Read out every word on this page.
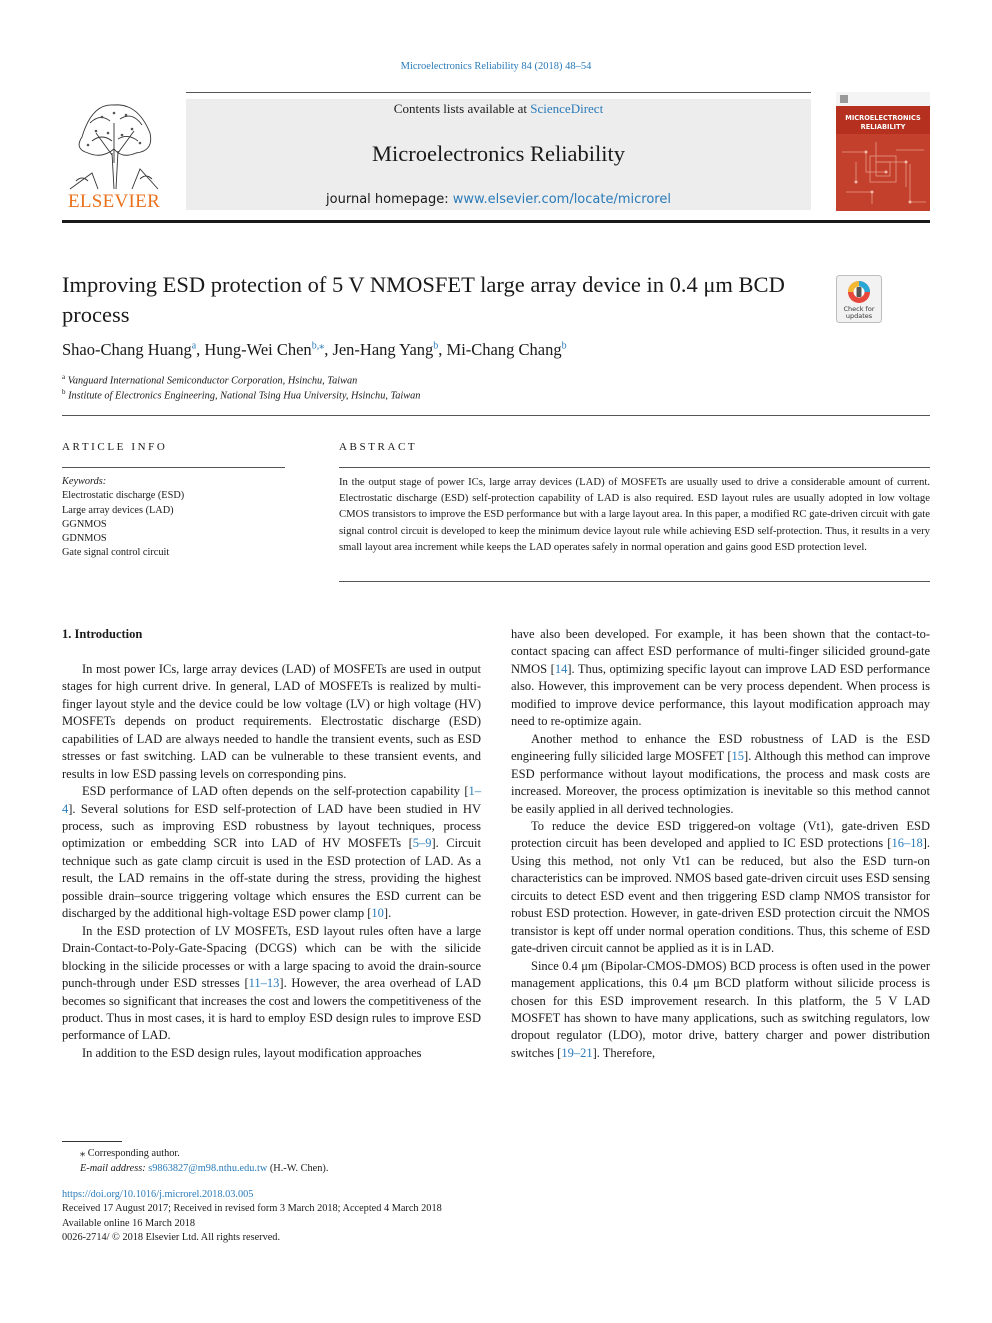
Microelectronics Reliability 84 (2018) 48–54
ELSEVIER
Contents lists available at ScienceDirect
Microelectronics Reliability
journal homepage: www.elsevier.com/locate/microrel
MICROELECTRONICS
RELIABILITY
Improving ESD protection of 5 V NMOSFET large array device in 0.4 μm BCD process	Check for
updates
Shao-Chang Huang$^a$, Hung-Wei Chen$^{b,⁎}$, Jen-Hang Yang$^b$, Mi-Chang Chang$^b$
$^a$ Vanguard International Semiconductor Corporation, Hsinchu, Taiwan
$^b$ Institute of Electronics Engineering, National Tsing Hua University, Hsinchu, Taiwan
ARTICLE INFO	ABSTRACT
Keywords:
Electrostatic discharge (ESD)
Large array devices (LAD)
GGNMOS
GDNMOS
Gate signal control circuit
In the output stage of power ICs, large array devices (LAD) of MOSFETs are usually used to drive a considerable amount of current. Electrostatic discharge (ESD) self-protection capability of LAD is also required. ESD layout rules are usually adopted in low voltage CMOS transistors to improve the ESD performance but with a large layout area. In this paper, a modified RC gate-driven circuit with gate signal control circuit is developed to keep the minimum device layout rule while achieving ESD self-protection. Thus, it results in a very small layout area increment while keeps the LAD operates safely in normal operation and gains good ESD protection level.

1. Introduction

In most power ICs, large array devices (LAD) of MOSFETs are used in output stages for high current drive. In general, LAD of MOSFETs is realized by multi-finger layout style and the device could be low voltage (LV) or high voltage (HV) MOSFETs depends on product requirements. Electrostatic discharge (ESD) capabilities of LAD are always needed to handle the transient events, such as ESD stresses or fast switching. LAD can be vulnerable to these transient events, and results in low ESD passing levels on corresponding pins.

ESD performance of LAD often depends on the self-protection capability [1–4]. Several solutions for ESD self-protection of LAD have been studied in HV process, such as improving ESD robustness by layout techniques, process optimization or embedding SCR into LAD of HV MOSFETs [5–9]. Circuit technique such as gate clamp circuit is used in the ESD protection of LAD. As a result, the LAD remains in the off-state during the stress, providing the highest possible drain–source triggering voltage which ensures the ESD current can be discharged by the additional high-voltage ESD power clamp [10].

In the ESD protection of LV MOSFETs, ESD layout rules often have a large Drain-Contact-to-Poly-Gate-Spacing (DCGS) which can be with the silicide blocking in the silicide processes or with a large spacing to avoid the drain-source punch-through under ESD stresses [11–13]. However, the area overhead of LAD becomes so significant that increases the cost and lowers the competitiveness of the product. Thus in most cases, it is hard to employ ESD design rules to improve ESD performance of LAD.

In addition to the ESD design rules, layout modification approaches

have also been developed. For example, it has been shown that the contact-to-contact spacing can affect ESD performance of multi-finger silicided ground-gate NMOS [14]. Thus, optimizing specific layout can improve LAD ESD performance also. However, this improvement can be very process dependent. When process is modified to improve device performance, this layout modification approach may need to re-optimize again.

Another method to enhance the ESD robustness of LAD is the ESD engineering fully silicided large MOSFET [15]. Although this method can improve ESD performance without layout modifications, the process and mask costs are increased. Moreover, the process optimization is inevitable so this method cannot be easily applied in all derived technologies.

To reduce the device ESD triggered-on voltage (Vt1), gate-driven ESD protection circuit has been developed and applied to IC ESD protections [16–18]. Using this method, not only Vt1 can be reduced, but also the ESD turn-on characteristics can be improved. NMOS based gate-driven circuit uses ESD sensing circuits to detect ESD event and then triggering ESD clamp NMOS transistor for robust ESD protection. However, in gate-driven ESD protection circuit the NMOS transistor is kept off under normal operation conditions. Thus, this scheme of ESD gate-driven circuit cannot be applied as it is in LAD.

Since 0.4 μm (Bipolar-CMOS-DMOS) BCD process is often used in the power management applications, this 0.4 μm BCD platform without silicide process is chosen for this ESD improvement research. In this platform, the 5 V LAD MOSFET has shown to have many applications, such as switching regulators, low dropout regulator (LDO), motor drive, battery charger and power distribution switches [19–21]. Therefore,

⁎ Corresponding author.
E-mail address: s9863827@m98.nthu.edu.tw (H.-W. Chen).
https://doi.org/10.1016/j.microrel.2018.03.005
Received 17 August 2017; Received in revised form 3 March 2018; Accepted 4 March 2018
Available online 16 March 2018
0026-2714/ © 2018 Elsevier Ltd. All rights reserved.
